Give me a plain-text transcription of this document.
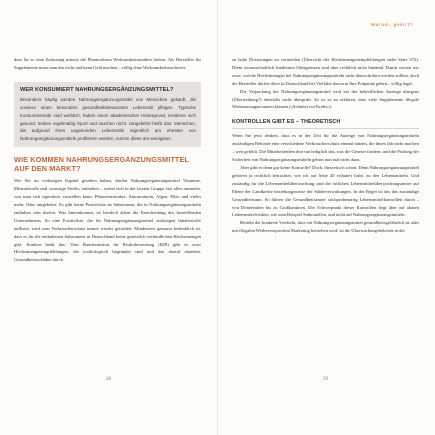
Warum, gekirt?

dem für so eine Zulassung müsste die Pharmafirma Wirksamkeitsstudien liefern. Als Hersteller für Supplemente muss man das nicht und kann Geld machen – völlig ohne Wirksamkeitsnachweis.

WER KONSUMIERT NAHRUNGSERGÄNZUNGSMITTEL?

Besonders häufig werden Nahrungsergänzungsmittel von Menschen gekauft, die sowieso einen besonders gesundheitsbewussten Lebensstil pflegen. Typische Konsumierende sind weiblich, haben einen akademischen Hintergrund, ernähren sich gesund, treiben regelmäßig Sport und rauchen nicht. Umgekehrt heißt das: Menschen, die aufgrund ihres ungesunden Lebensstils eigentlich am ehesten von Nahrungsergänzungsmitteln profitieren würden, nutzen diese am wenigsten.

WIE KOMMEN NAHRUNGSERGÄNZUNGSMITTEL AUF DEN MARKT?

Wie Sie im vorherigen Kapitel gesehen haben, dürfen Nahrungsergänzungsmittel Vitamine, Mineralstoffe und »sonstige Stoffe« enthalten – wobei sich in der letzten Gruppe fast alles tummeln, was man sich irgendwie vorstellen kann: Pflanzenextrakte, Aminosäuren, Algen, Pilze und vieles mehr. Oder umgekehrt: Es gibt keine Positivliste an Substanzen, die in Nahrungsergänzungsmitteln enthalten sein dürfen. Was hineinkommt, ist letztlich allein die Entscheidung des herstellenden Unternehmens. So eine Positivliste, die für Nahrungsergänzungsmittel zulässigen Inhaltsstoffe auflistet, wird vom Verbraucherschutz immer wieder gefordert. Mindestens genauso bedenklich ist, dass es für die enthaltenen Substanzen in Deutschland keine gesetzlich verbindlichen Höchstmengen gibt. Konkret heißt das: Vom Bundesinstitut für Risikobewertung (BfR) gibt es zwar Höchstmengenempfehlungen, die toxikologisch begründet sind und das darauf abzielen, Gesundheitsschäden durch

zu hohe Dosierungen zu vermeiden (Übersicht der Höchstmengenempfehlungen siehe Seite 372). Diese wissenschaftlich fundierten Obergrenzen sind aber rechtlich nicht bindend. Damit wissen wir zwar, welche Höchstmengen bei Nahrungsergänzungsmitteln nicht überschritten werden sollten, doch die Hersteller dürfen diese in Deutschland bei Vielfalte davon in Ihre Präparate geben – völlig legal.

Die Verpackung der Nahrungsergänzungsmittel wird bei der behördlichen Anzeige übrigens (Übertreibung?) ebenfalls nicht überprüft. So ist es zu erklären, dass viele Supplemente illegale Werbeaussagen nutzen können (»Schnitzt vor Krebs«).

KONTROLLEN GIBT ES – THEORETISCH

Wenn Sie jetzt denken, dass es in der Zeit für die Anzeige von Nahrungsergänzungsmitteln zuständigen Behörde eine verschiedene Verbraucherschutz einmal nützen, die ihnen Job nicht machen – weit gefehlt. Die Mitarbeitenden dort tun lediglich das, was die Gesetze fordern, und die Prüfung der Sicherheit von Nahrungsergänzungsmitteln gehört nun mal nicht dazu.

Aber gibt es denn gar keine Kontrolle? Doch, theoretisch schon. Denn Nahrungsergänzungsmittel gehören ja rechtlich betrachtet, wie ich auf Seite 20 erläutert habe, zu den Lebensmitteln. Und zuständig für die Lebensmittelüberwachung sind die örtlichen Lebensmittelüberwachungsämter auf Ebene der Landkreise beziehungsweise der Städteverwaltungen. In der Regel ist das das zuständige Gesundheitsamt. So führen die Gesundheitsämter stichprobenartig Lebensmittelkontrollen durch – von Dönerbuden bis zu Großkantinen. Der Schwerpunkt dieser Kontrollen liegt aber auf akuten Lebensmittelrisiken, wie zum Beispiel Salmonellen, und nicht auf Nahrungsergänzungsmitteln.

Besteht der konkrete Verdacht, dass ein Nahrungsergänzungsmittel gesundheitsgefährlich ist oder mit illegalen Werbeversprechen Marketing betrieben wird, ist die Überwachungsbehörde in der

28	29
